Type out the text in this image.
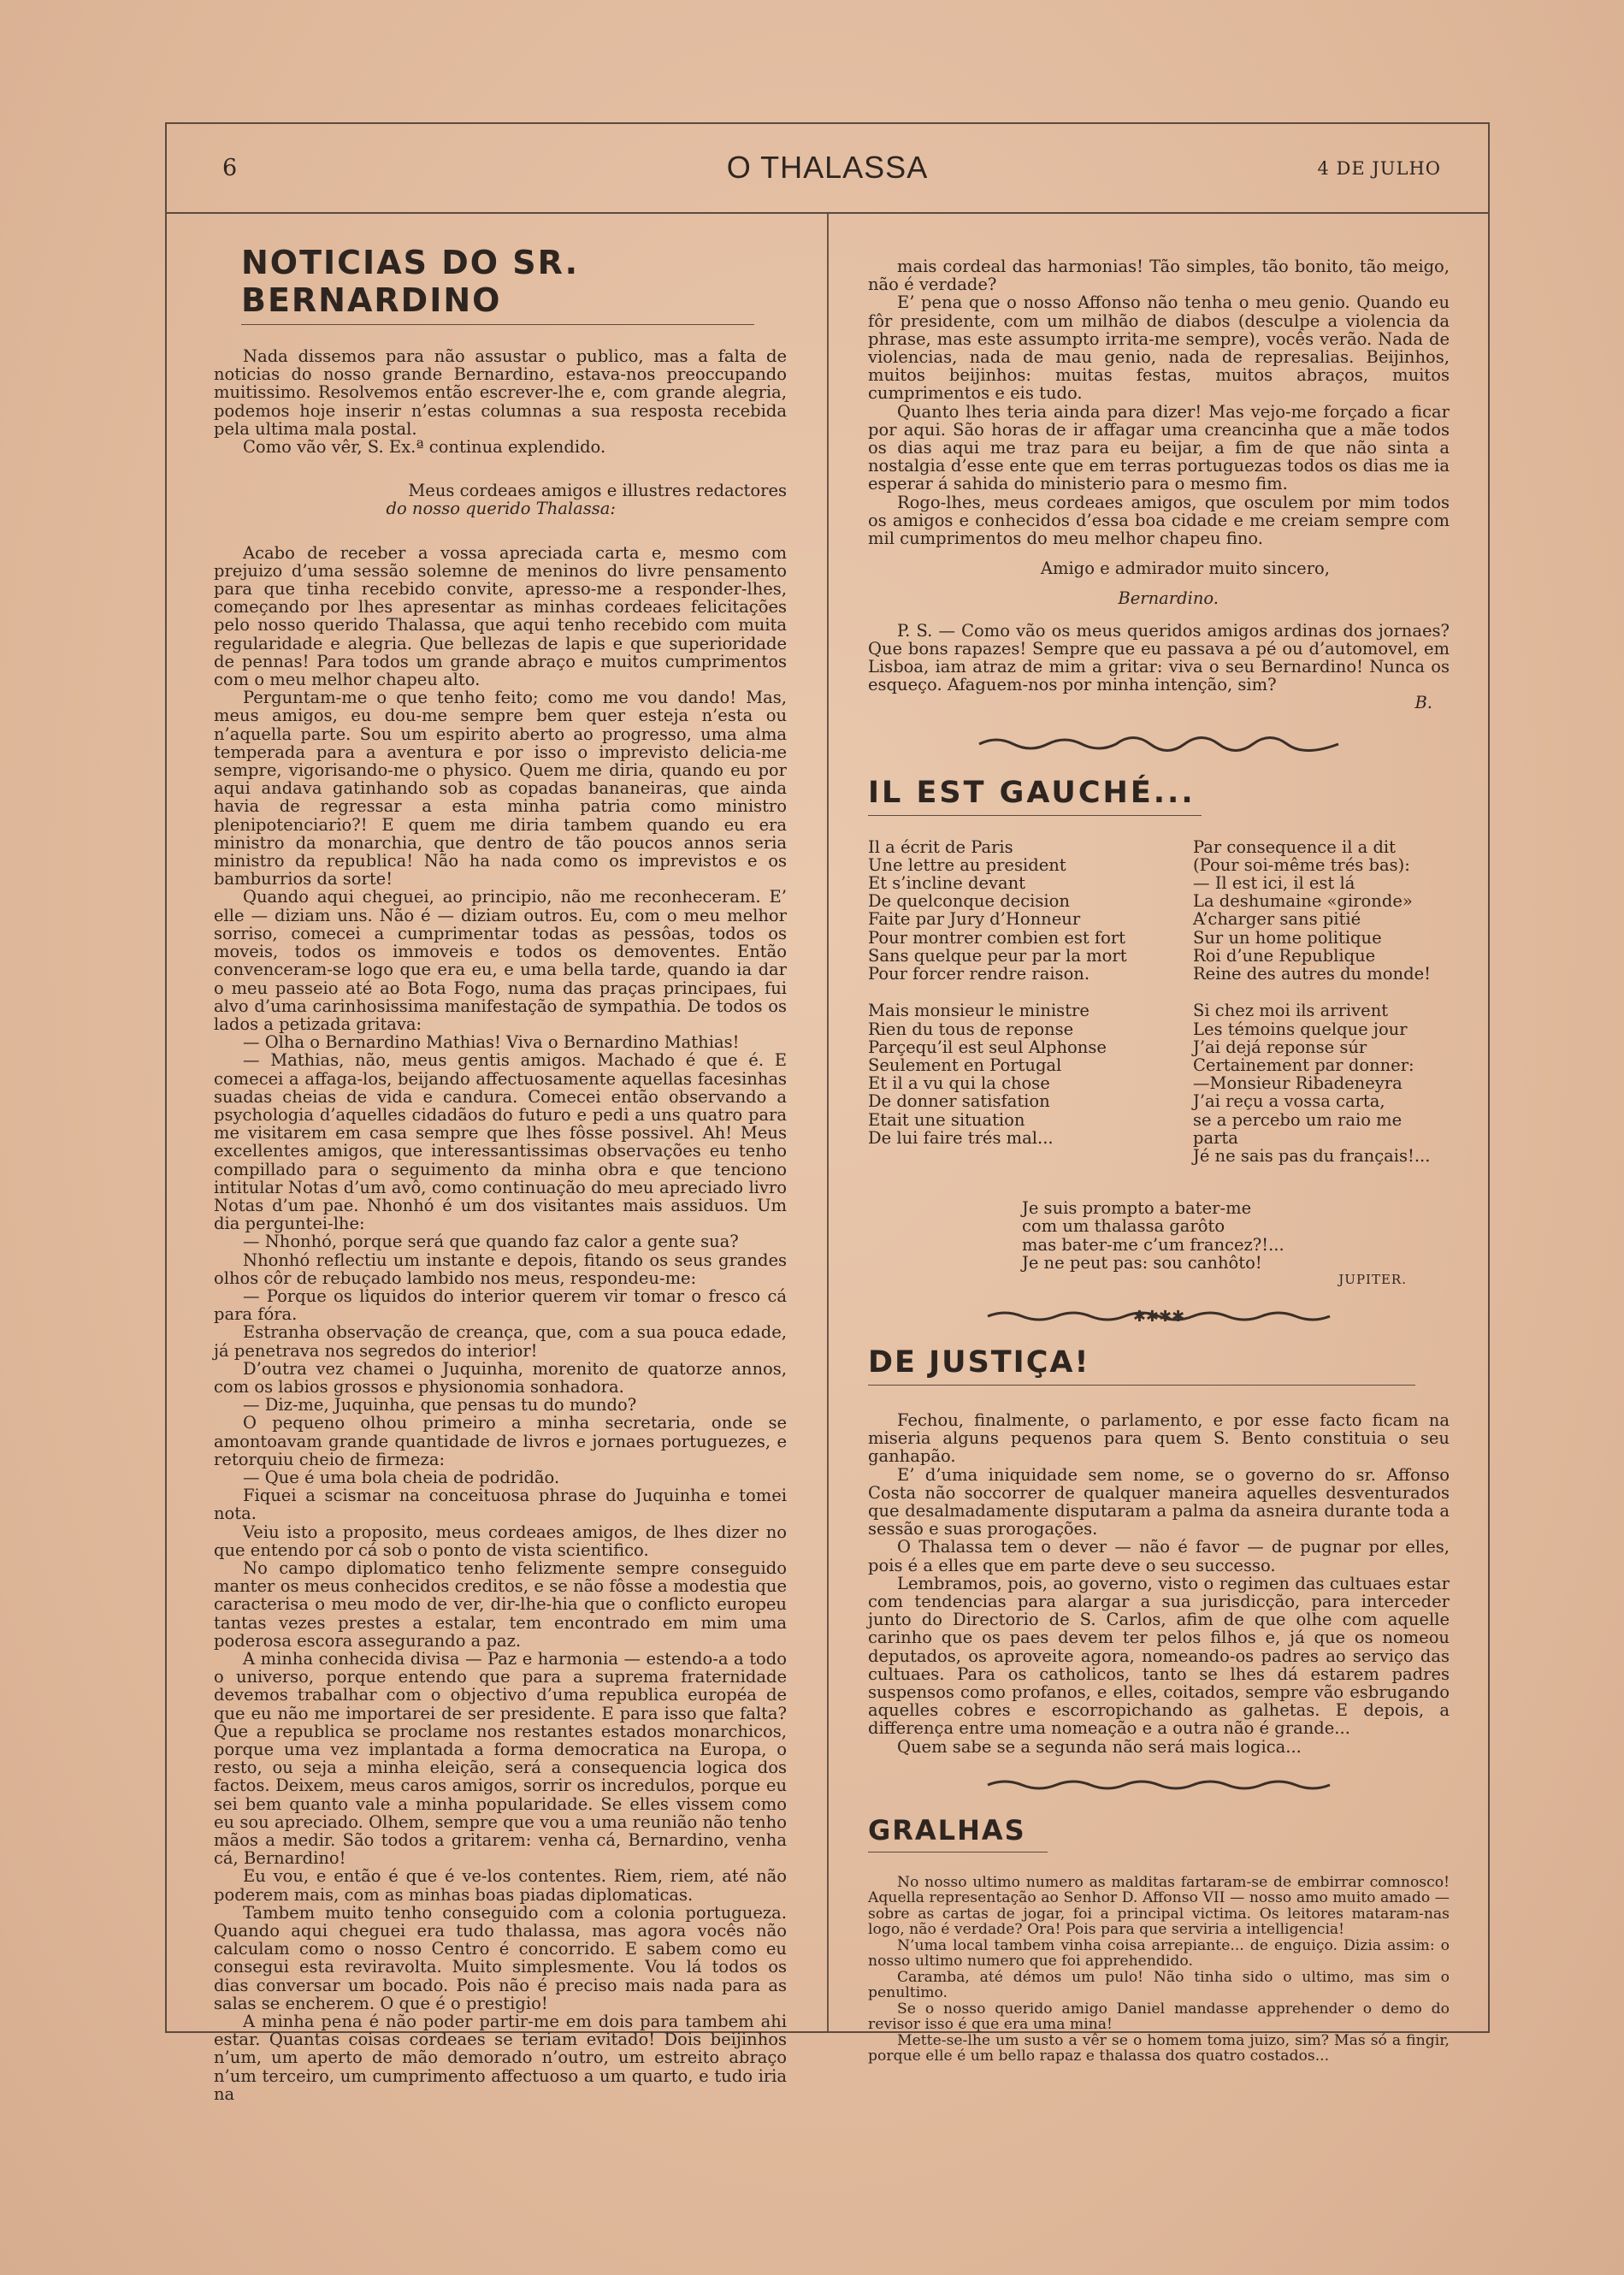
6	O THALASSA	4 DE JULHO
NOTICIAS DO SR. BERNARDINO

Nada dissemos para não assustar o publico, mas a falta de noticias do nosso grande Bernardino, estava-nos preoccupando muitissimo. Resolvemos então escrever-lhe e, com grande alegria, podemos hoje inserir n’estas columnas a sua resposta recebida pela ultima mala postal.

Como vão vêr, S. Ex.ª continua explendido.

Meus cordeaes amigos e illustres redactores
do nosso querido Thalassa:

Acabo de receber a vossa apreciada carta e, mesmo com prejuizo d’uma sessão solemne de meninos do livre pensamento para que tinha recebido convite, apresso-me a responder-lhes, começando por lhes apresentar as minhas cordeaes felicitações pelo nosso querido Thalassa, que aqui tenho recebido com muita regularidade e alegria. Que bellezas de lapis e que superioridade de pennas! Para todos um grande abraço e muitos cumprimentos com o meu melhor chapeu alto.

Perguntam-me o que tenho feito; como me vou dando! Mas, meus amigos, eu dou-me sempre bem quer esteja n’esta ou n’aquella parte. Sou um espirito aberto ao progresso, uma alma temperada para a aventura e por isso o imprevisto delicia-me sempre, vigorisando-me o physico. Quem me diria, quando eu por aqui andava gatinhando sob as copadas bananeiras, que ainda havia de regressar a esta minha patria como ministro plenipotenciario?! E quem me diria tambem quando eu era ministro da monarchia, que dentro de tão poucos annos seria ministro da republica! Não ha nada como os imprevistos e os bamburrios da sorte!

Quando aqui cheguei, ao principio, não me reconheceram. E’ elle — diziam uns. Não é — diziam outros. Eu, com o meu melhor sorriso, comecei a cumprimentar todas as pessôas, todos os moveis, todos os immoveis e todos os demoventes. Então convenceram-se logo que era eu, e uma bella tarde, quando ia dar o meu passeio até ao Bota Fogo, numa das praças principaes, fui alvo d’uma carinhosissima manifestação de sympathia. De todos os lados a petizada gritava:

— Olha o Bernardino Mathias! Viva o Bernardino Mathias!

— Mathias, não, meus gentis amigos. Machado é que é. E comecei a affaga-los, beijando affectuosamente aquellas facesinhas suadas cheias de vida e candura. Comecei então observando a psychologia d’aquelles cidadãos do futuro e pedi a uns quatro para me visitarem em casa sempre que lhes fôsse possivel. Ah! Meus excellentes amigos, que interessantissimas observações eu tenho compillado para o seguimento da minha obra e que tenciono intitular Notas d’um avô, como continuação do meu apreciado livro Notas d’um pae. Nhonhó é um dos visitantes mais assiduos. Um dia perguntei-lhe:

— Nhonhó, porque será que quando faz calor a gente sua?

Nhonhó reflectiu um instante e depois, fitando os seus grandes olhos côr de rebuçado lambido nos meus, respondeu-me:

— Porque os liquidos do interior querem vir tomar o fresco cá para fóra.

Estranha observação de creança, que, com a sua pouca edade, já penetrava nos segredos do interior!

D’outra vez chamei o Juquinha, morenito de quatorze annos, com os labios grossos e physionomia sonhadora.

— Diz-me, Juquinha, que pensas tu do mundo?

O pequeno olhou primeiro a minha secretaria, onde se amontoavam grande quantidade de livros e jornaes portuguezes, e retorquiu cheio de firmeza:

— Que é uma bola cheia de podridão.

Fiquei a scismar na conceituosa phrase do Juquinha e tomei nota.

Veiu isto a proposito, meus cordeaes amigos, de lhes dizer no que entendo por cá sob o ponto de vista scientifico.

No campo diplomatico tenho felizmente sempre conseguido manter os meus conhecidos creditos, e se não fôsse a modestia que caracterisa o meu modo de ver, dir-lhe-hia que o conflicto europeu tantas vezes prestes a estalar, tem encontrado em mim uma poderosa escora assegurando a paz.

A minha conhecida divisa — Paz e harmonia — estendo-a a todo o universo, porque entendo que para a suprema fraternidade devemos trabalhar com o objectivo d’uma republica européa de que eu não me importarei de ser presidente. E para isso que falta? Que a republica se proclame nos restantes estados monarchicos, porque uma vez implantada a forma democratica na Europa, o resto, ou seja a minha eleição, será a consequencia logica dos factos. Deixem, meus caros amigos, sorrir os incredulos, porque eu sei bem quanto vale a minha popularidade. Se elles vissem como eu sou apreciado. Olhem, sempre que vou a uma reunião não tenho mãos a medir. São todos a gritarem: venha cá, Bernardino, venha cá, Bernardino!

Eu vou, e então é que é ve-los contentes. Riem, riem, até não poderem mais, com as minhas boas piadas diplomaticas.

Tambem muito tenho conseguido com a colonia portugueza. Quando aqui cheguei era tudo thalassa, mas agora vocês não calculam como o nosso Centro é concorrido. E sabem como eu consegui esta reviravolta. Muito simplesmente. Vou lá todos os dias conversar um bocado. Pois não é preciso mais nada para as salas se encherem. O que é o prestigio!

A minha pena é não poder partir-me em dois para tambem ahi estar. Quantas coisas cordeaes se teriam evitado! Dois beijinhos n’um, um aperto de mão demorado n’outro, um estreito abraço n’um terceiro, um cumprimento affectuoso a um quarto, e tudo iria na

mais cordeal das harmonias! Tão simples, tão bonito, tão meigo, não é verdade?

E’ pena que o nosso Affonso não tenha o meu genio. Quando eu fôr presidente, com um milhão de diabos (desculpe a violencia da phrase, mas este assumpto irrita-me sempre), vocês verão. Nada de violencias, nada de mau genio, nada de represalias. Beijinhos, muitos beijinhos: muitas festas, muitos abraços, muitos cumprimentos e eis tudo.

Quanto lhes teria ainda para dizer! Mas vejo-me forçado a ficar por aqui. São horas de ir affagar uma creancinha que a mãe todos os dias aqui me traz para eu beijar, a fim de que não sinta a nostalgia d’esse ente que em terras portuguezas todos os dias me ia esperar á sahida do ministerio para o mesmo fim.

Rogo-lhes, meus cordeaes amigos, que osculem por mim todos os amigos e conhecidos d’essa boa cidade e me creiam sempre com mil cumprimentos do meu melhor chapeu fino.

Amigo e admirador muito sincero,

Bernardino.

P. S. — Como vão os meus queridos amigos ardinas dos jornaes? Que bons rapazes! Sempre que eu passava a pé ou d’automovel, em Lisboa, iam atraz de mim a gritar: viva o seu Bernardino! Nunca os esqueço. Afaguem-nos por minha intenção, sim?

B.

IL EST GAUCHÉ...
Il a écrit de Paris
Une lettre au president
Et s’incline devant
De quelconque decision
Faite par Jury d’Honneur
Pour montrer combien est fort
Sans quelque peur par la mort
Pour forcer rendre raison.
Mais monsieur le ministre
Rien du tous de reponse
Parçequ’il est seul Alphonse
Seulement en Portugal
Et il a vu qui la chose
De donner satisfation
Etait une situation
De lui faire trés mal...
Par consequence il a dit
(Pour soi-même trés bas):
— Il est ici, il est lá
La deshumaine «gironde»
A’charger sans pitié
Sur un home politique
Roi d’une Republique
Reine des autres du monde!
Si chez moi ils arrivent
Les témoins quelque jour
J’ai dejá reponse súr
Certainement par donner:
—Monsieur Ribadeneyra
J’ai reçu a vossa carta,
se a percebo um raio me parta
Jé ne sais pas du français!...
Je suis prompto a bater-me
com um thalassa garôto
mas bater-me c’um francez?!...
Je ne peut pas: sou canhôto!
JUPITER.
✱✱✱✱
DE JUSTIÇA!

Fechou, finalmente, o parlamento, e por esse facto ficam na miseria alguns pequenos para quem S. Bento constituia o seu ganhapão.

E’ d’uma iniquidade sem nome, se o governo do sr. Affonso Costa não soccorrer de qualquer maneira aquelles desventurados que desalmadamente disputaram a palma da asneira durante toda a sessão e suas prorogações.

O Thalassa tem o dever — não é favor — de pugnar por elles, pois é a elles que em parte deve o seu successo.

Lembramos, pois, ao governo, visto o regimen das cultuaes estar com tendencias para alargar a sua jurisdicção, para interceder junto do Directorio de S. Carlos, afim de que olhe com aquelle carinho que os paes devem ter pelos filhos e, já que os nomeou deputados, os aproveite agora, nomeando-os padres ao serviço das cultuaes. Para os catholicos, tanto se lhes dá estarem padres suspensos como profanos, e elles, coitados, sempre vão esbrugando aquelles cobres e escorropichando as galhetas. E depois, a differença entre uma nomeação e a outra não é grande...

Quem sabe se a segunda não será mais logica...

GRALHAS

No nosso ultimo numero as malditas fartaram-se de embirrar comnosco! Aquella representação ao Senhor D. Affonso VII — nosso amo muito amado — sobre as cartas de jogar, foi a principal victima. Os leitores mataram-nas logo, não é verdade? Ora! Pois para que serviria a intelligencia!

N’uma local tambem vinha coisa arrepiante... de enguiço. Dizia assim: o nosso ultimo numero que foi apprehendido.

Caramba, até démos um pulo! Não tinha sido o ultimo, mas sim o penultimo.

Se o nosso querido amigo Daniel mandasse apprehender o demo do revisor isso é que era uma mina!

Mette-se-lhe um susto a vêr se o homem toma juizo, sim? Mas só a fingir, porque elle é um bello rapaz e thalassa dos quatro costados...
